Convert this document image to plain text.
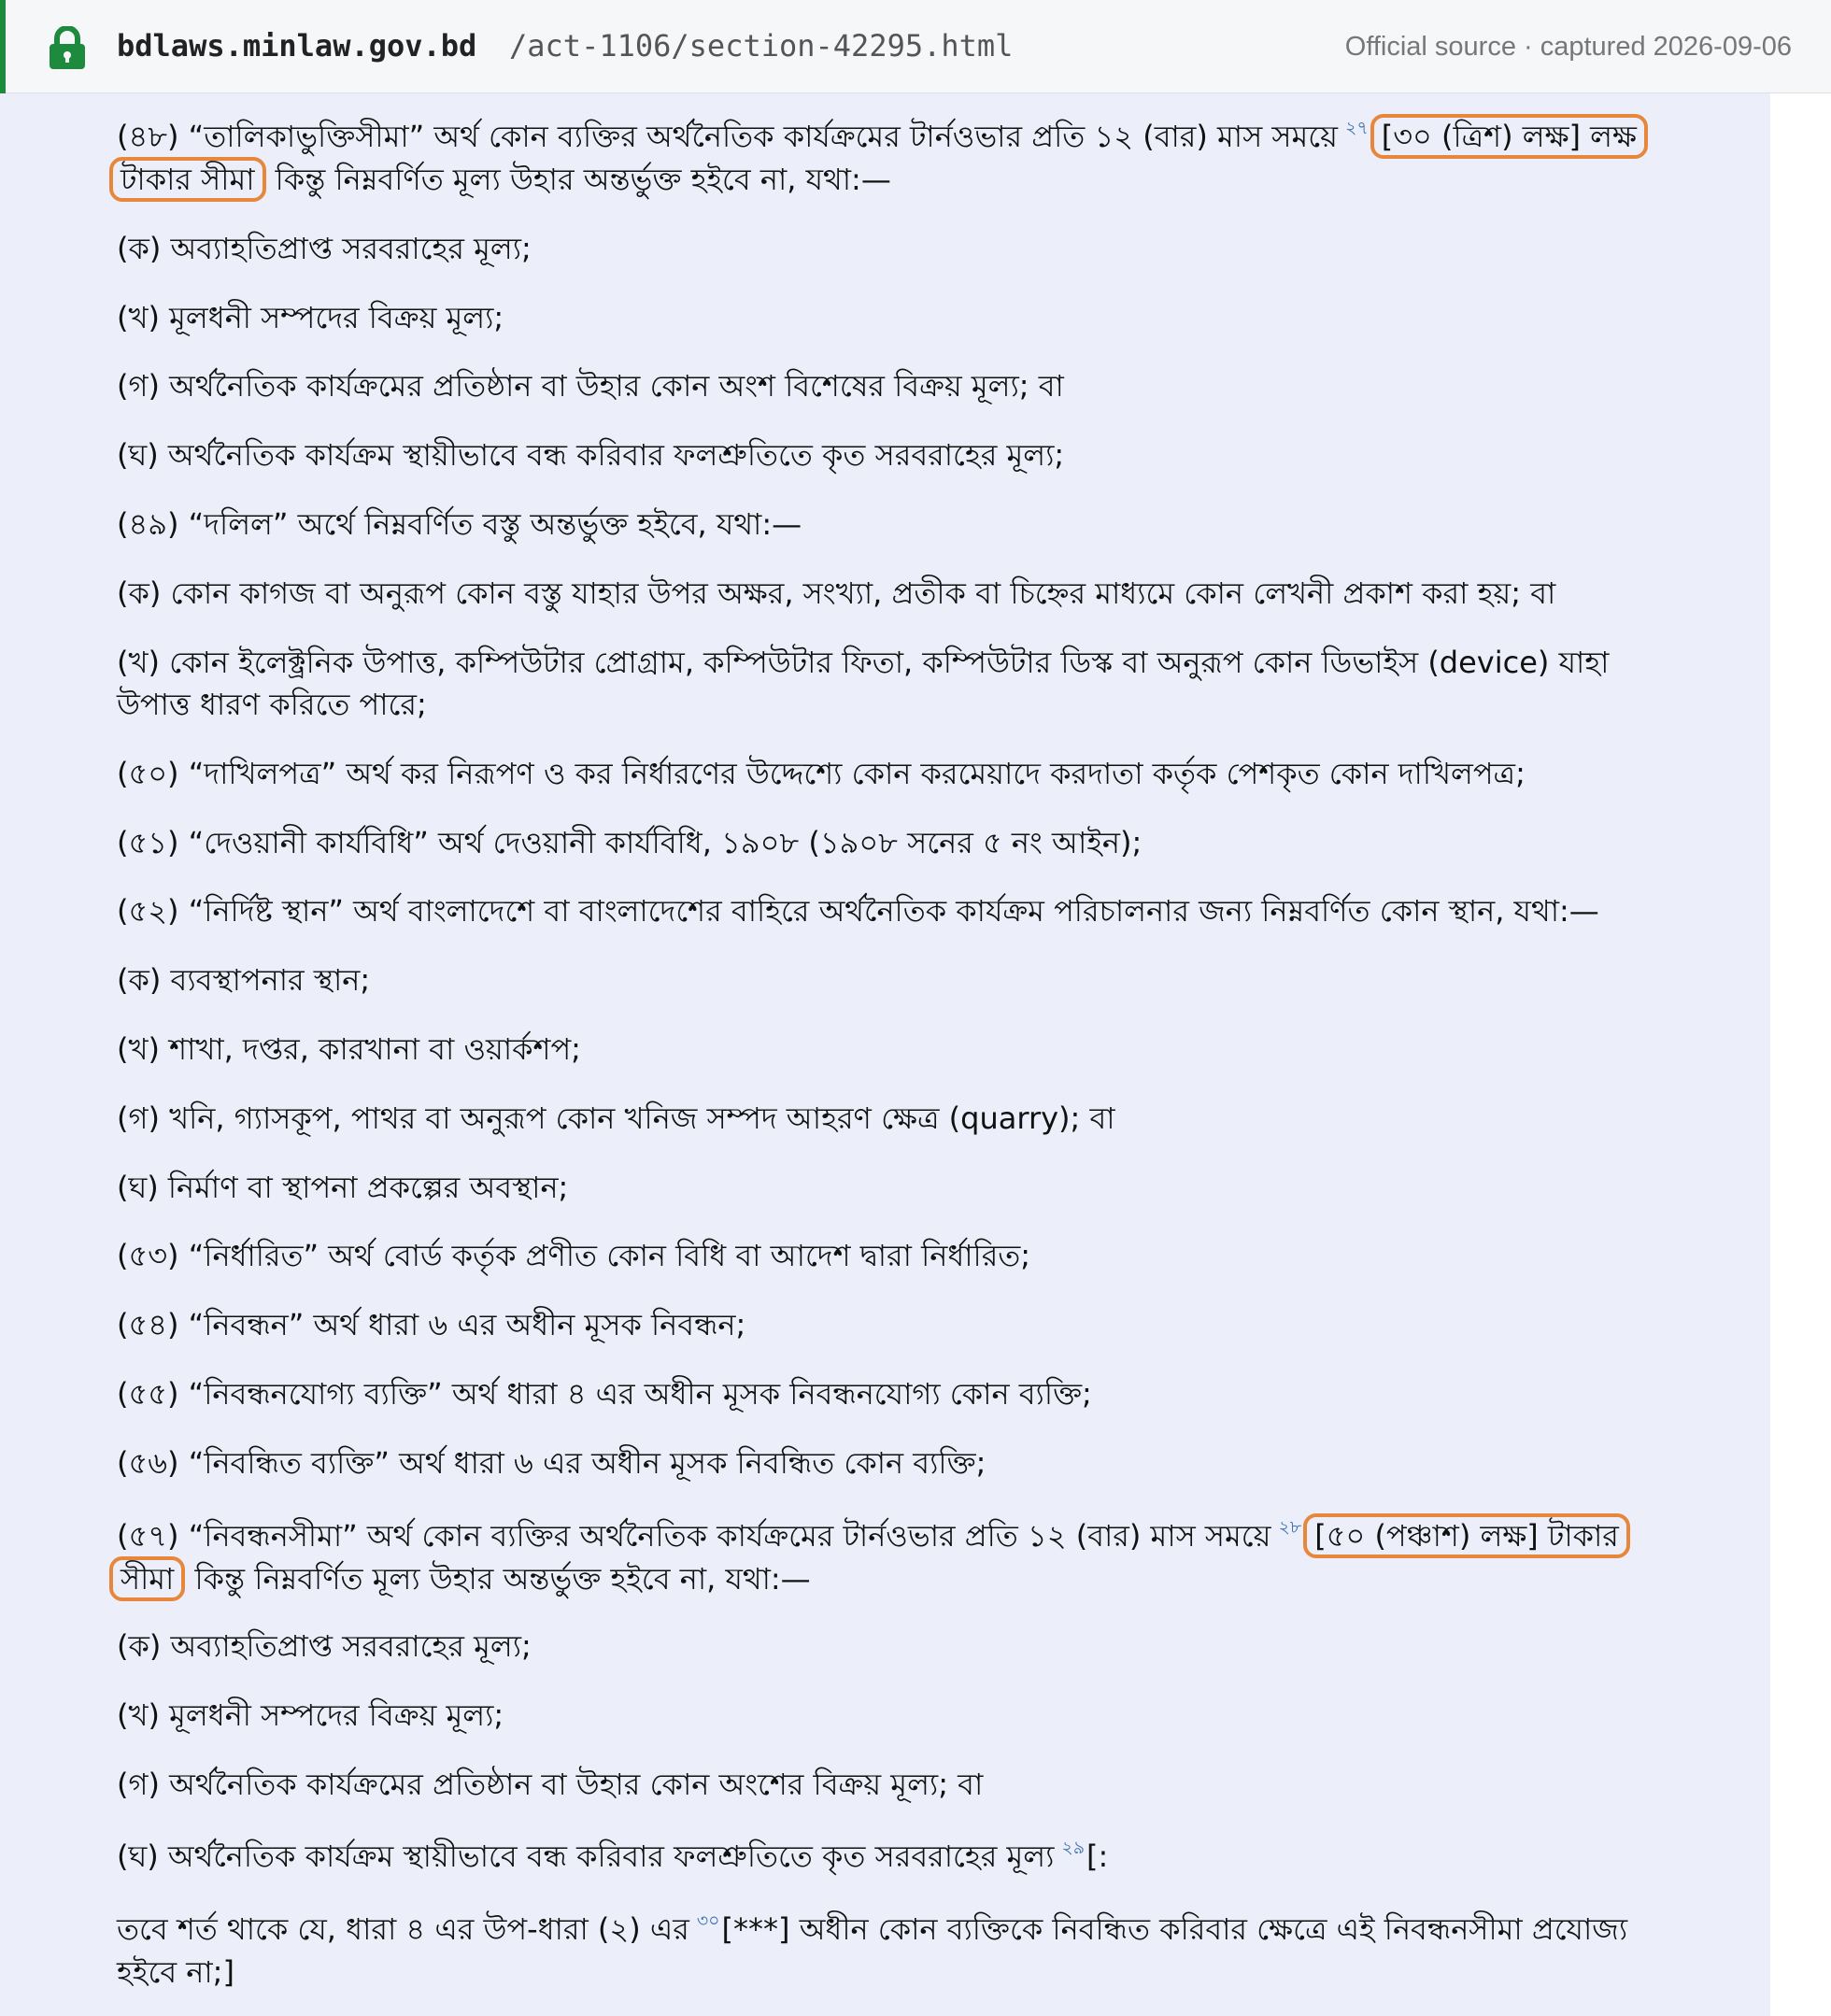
bdlaws.minlaw.gov.bd /act-1106/section-42295.html	Official source · captured 2026-09-06
(৪৮) “তালিকাভুক্তিসীমা” অর্থ কোন ব্যক্তির অর্থনৈতিক কার্যক্রমের টার্নওভার প্রতি ১২ (বার) মাস সময়ে $^{২৭}$ [৩০ (ত্রিশ) লক্ষ] লক্ষ
টাকার সীমা কিন্তু নিম্নবর্ণিত মূল্য উহার অন্তর্ভুক্ত হইবে না, যথা:—
(ক) অব্যাহতিপ্রাপ্ত সরবরাহের মূল্য;
(খ) মূলধনী সম্পদের বিক্রয় মূল্য;
(গ) অর্থনৈতিক কার্যক্রমের প্রতিষ্ঠান বা উহার কোন অংশ বিশেষের বিক্রয় মূল্য; বা
(ঘ) অর্থনৈতিক কার্যক্রম স্থায়ীভাবে বন্ধ করিবার ফলশ্রুতিতে কৃত সরবরাহের মূল্য;
(৪৯) “দলিল” অর্থে নিম্নবর্ণিত বস্তু অন্তর্ভুক্ত হইবে, যথা:—
(ক) কোন কাগজ বা অনুরূপ কোন বস্তু যাহার উপর অক্ষর, সংখ্যা, প্রতীক বা চিহ্নের মাধ্যমে কোন লেখনী প্রকাশ করা হয়; বা
(খ) কোন ইলেক্ট্রনিক উপাত্ত, কম্পিউটার প্রোগ্রাম, কম্পিউটার ফিতা, কম্পিউটার ডিস্ক বা অনুরূপ কোন ডিভাইস (device) যাহা
উপাত্ত ধারণ করিতে পারে;
(৫০) “দাখিলপত্র” অর্থ কর নিরূপণ ও কর নির্ধারণের উদ্দেশ্যে কোন করমেয়াদে করদাতা কর্তৃক পেশকৃত কোন দাখিলপত্র;
(৫১) “দেওয়ানী কার্যবিধি” অর্থ দেওয়ানী কার্যবিধি, ১৯০৮ (১৯০৮ সনের ৫ নং আইন);
(৫২) “নির্দিষ্ট স্থান” অর্থ বাংলাদেশে বা বাংলাদেশের বাহিরে অর্থনৈতিক কার্যক্রম পরিচালনার জন্য নিম্নবর্ণিত কোন স্থান, যথা:—
(ক) ব্যবস্থাপনার স্থান;
(খ) শাখা, দপ্তর, কারখানা বা ওয়ার্কশপ;
(গ) খনি, গ্যাসকূপ, পাথর বা অনুরূপ কোন খনিজ সম্পদ আহরণ ক্ষেত্র (quarry); বা
(ঘ) নির্মাণ বা স্থাপনা প্রকল্পের অবস্থান;
(৫৩) “নির্ধারিত” অর্থ বোর্ড কর্তৃক প্রণীত কোন বিধি বা আদেশ দ্বারা নির্ধারিত;
(৫৪) “নিবন্ধন” অর্থ ধারা ৬ এর অধীন মূসক নিবন্ধন;
(৫৫) “নিবন্ধনযোগ্য ব্যক্তি” অর্থ ধারা ৪ এর অধীন মূসক নিবন্ধনযোগ্য কোন ব্যক্তি;
(৫৬) “নিবন্ধিত ব্যক্তি” অর্থ ধারা ৬ এর অধীন মূসক নিবন্ধিত কোন ব্যক্তি;
(৫৭) “নিবন্ধনসীমা” অর্থ কোন ব্যক্তির অর্থনৈতিক কার্যক্রমের টার্নওভার প্রতি ১২ (বার) মাস সময়ে $^{২৮}$ [৫০ (পঞ্চাশ) লক্ষ] টাকার
সীমা কিন্তু নিম্নবর্ণিত মূল্য উহার অন্তর্ভুক্ত হইবে না, যথা:—
(ক) অব্যাহতিপ্রাপ্ত সরবরাহের মূল্য;
(খ) মূলধনী সম্পদের বিক্রয় মূল্য;
(গ) অর্থনৈতিক কার্যক্রমের প্রতিষ্ঠান বা উহার কোন অংশের বিক্রয় মূল্য; বা
(ঘ) অর্থনৈতিক কার্যক্রম স্থায়ীভাবে বন্ধ করিবার ফলশ্রুতিতে কৃত সরবরাহের মূল্য $^{২৯}$[:
তবে শর্ত থাকে যে, ধারা ৪ এর উপ-ধারা (২) এর $^{৩০}$[***] অধীন কোন ব্যক্তিকে নিবন্ধিত করিবার ক্ষেত্রে এই নিবন্ধনসীমা প্রযোজ্য
হইবে না;]
